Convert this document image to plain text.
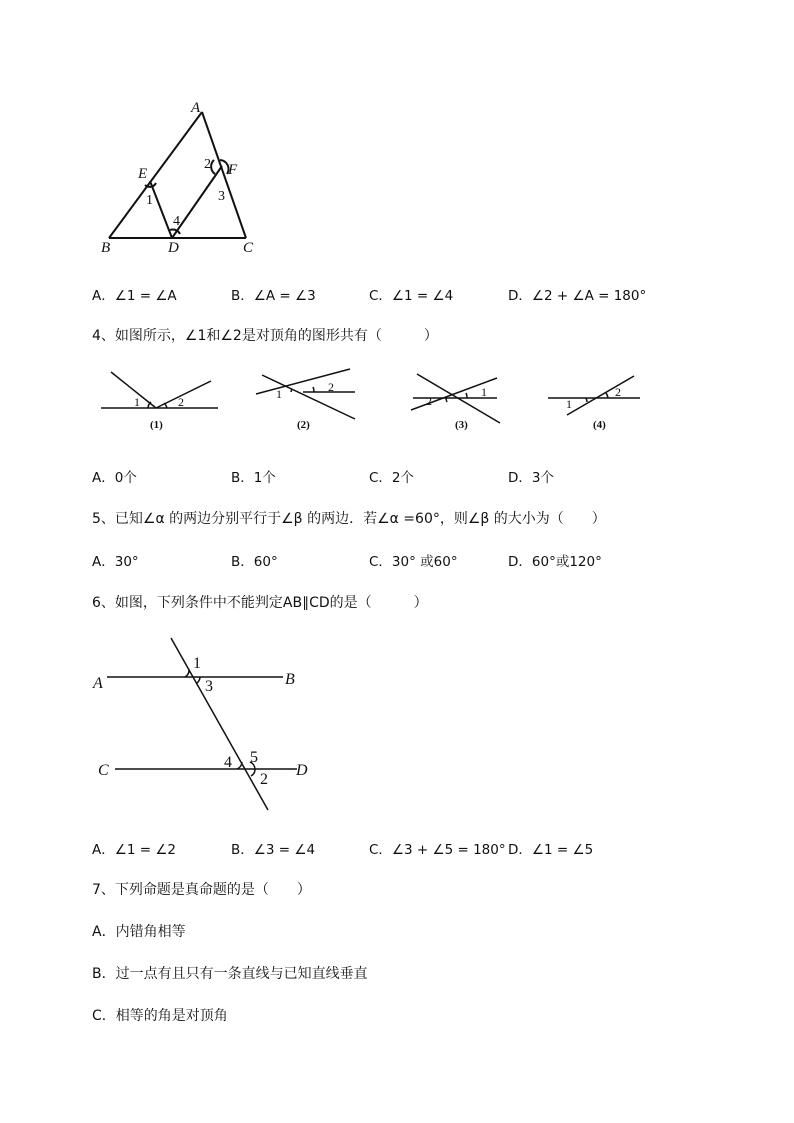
A
E	F
B	D	C
1
2
3
4
A．∠1 = ∠A	B．∠A = ∠3	C．∠1 = ∠4	D．∠2 + ∠A = 180°
4、如图所示，∠1和∠2是对顶角的图形共有（　　　）
1	2
1	2
2
1
1
2
(1)	(2)	(3)	(4)
A．0个	B．1个	C．2个	D．3个
5、已知∠α 的两边分别平行于∠β 的两边．若∠α =60°，则∠β 的大小为（　　）
A．30°	B．60°	C．30° 或60°	D．60°或120°
6、如图，下列条件中不能判定AB∥CD的是（　　　）
A	B
C	D
1
3
4 5
2
A．∠1 = ∠2	B．∠3 = ∠4	C．∠3 + ∠5 = 180° D．∠1 = ∠5
7、下列命题是真命题的是（　　）
A．内错角相等
B．过一点有且只有一条直线与已知直线垂直
C．相等的角是对顶角
